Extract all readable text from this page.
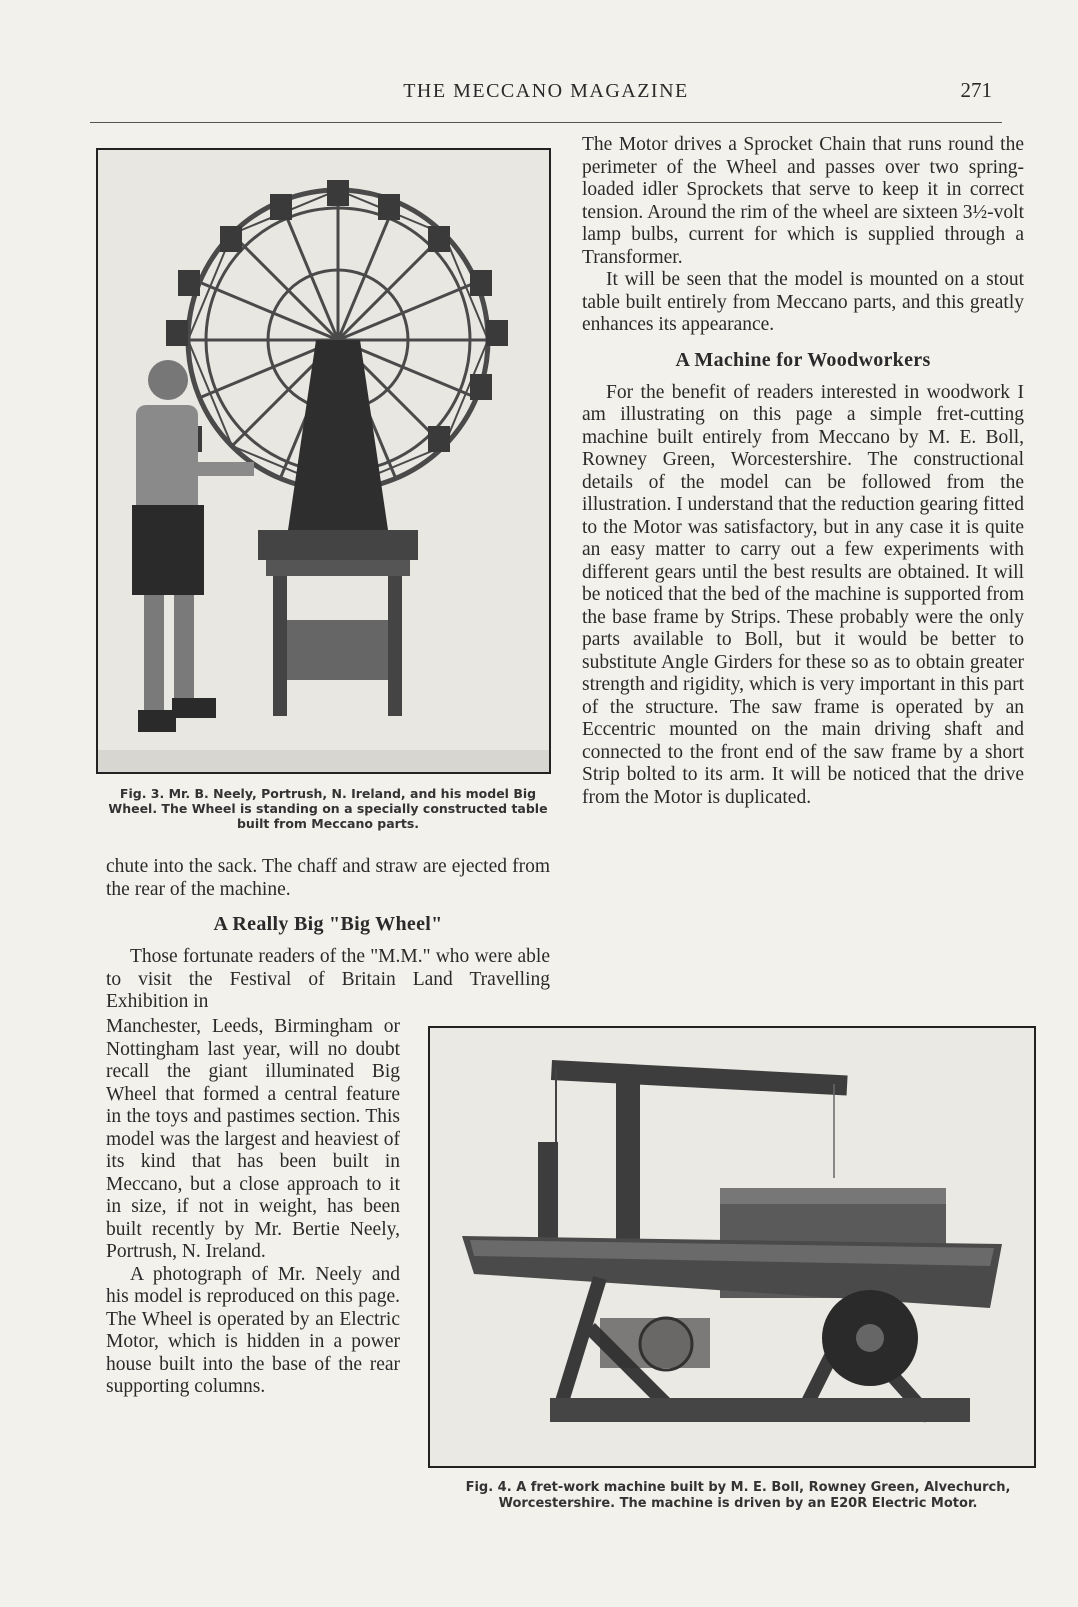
THE MECCANO MAGAZINE	271
Fig. 3. Mr. B. Neely, Portrush, N. Ireland, and his model Big Wheel. The Wheel is standing on a specially constructed table built from Meccano parts.

The Motor drives a Sprocket Chain that runs round the perimeter of the Wheel and passes over two spring-loaded idler Sprockets that serve to keep it in correct tension. Around the rim of the wheel are sixteen 3½-volt lamp bulbs, current for which is supplied through a Transformer.

It will be seen that the model is mounted on a stout table built entirely from Meccano parts, and this greatly enhances its appearance.

A Machine for Woodworkers

For the benefit of readers interested in woodwork I am illustrating on this page a simple fret-cutting machine built entirely from Meccano by M. E. Boll, Rowney Green, Worcestershire. The constructional details of the model can be followed from the illustration. I understand that the reduction gearing fitted to the Motor was satisfactory, but in any case it is quite an easy matter to carry out a few experiments with different gears until the best results are obtained. It will be noticed that the bed of the machine is supported from the base frame by Strips. These probably were the only parts available to Boll, but it would be better to substitute Angle Girders for these so as to obtain greater strength and rigidity, which is very important in this part of the structure. The saw frame is operated by an Eccentric mounted on the main driving shaft and connected to the front end of the saw frame by a short Strip bolted to its arm. It will be noticed that the drive from the Motor is duplicated.

chute into the sack. The chaff and straw are ejected from the rear of the machine.

A Really Big "Big Wheel"

Those fortunate readers of the "M.M." who were able to visit the Festival of Britain Land Travelling Exhibition in

Manchester, Leeds, Birmingham or Nottingham last year, will no doubt recall the giant illuminated Big Wheel that formed a central feature in the toys and pastimes section. This model was the largest and heaviest of its kind that has been built in Meccano, but a close approach to it in size, if not in weight, has been built recently by Mr. Bertie Neely, Portrush, N. Ireland.

A photograph of Mr. Neely and his model is reproduced on this page. The Wheel is operated by an Electric Motor, which is hidden in a power house built into the base of the rear supporting columns.

Fig. 4. A fret-work machine built by M. E. Boll, Rowney Green, Alvechurch, Worcestershire. The machine is driven by an E20R Electric Motor.
